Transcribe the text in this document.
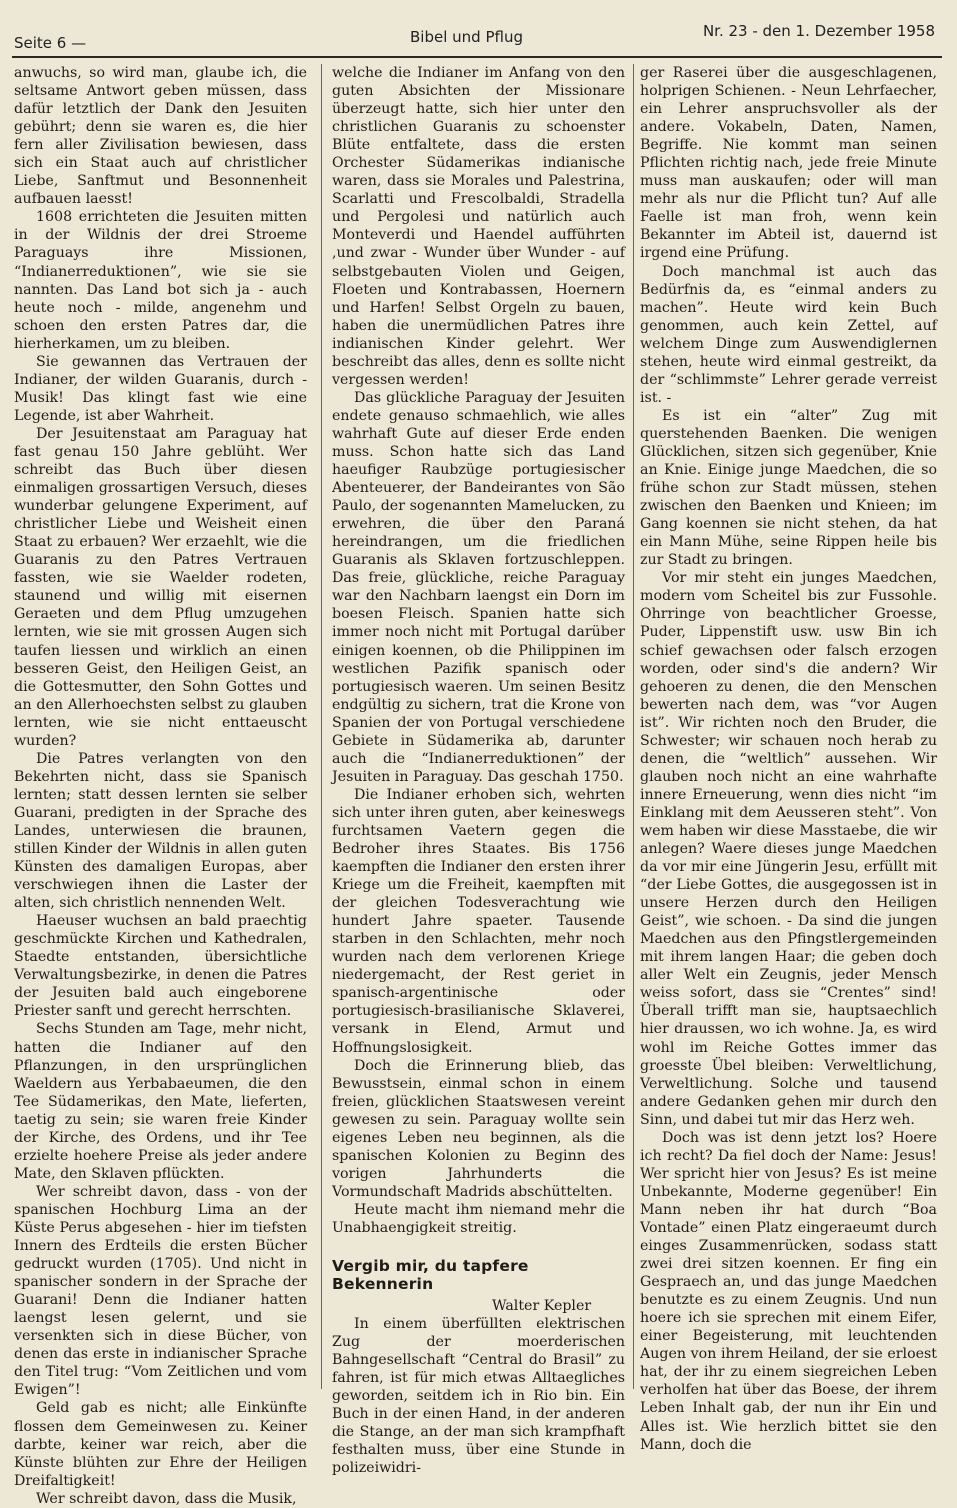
Seite 6 —	Bibel und Pflug	Nr. 23 - den 1. Dezember 1958

anwuchs, so wird man, glaube ich, die seltsame Antwort geben müssen, dass dafür letztlich der Dank den Jesuiten gebührt; denn sie waren es, die hier fern aller Zivilisation bewiesen, dass sich ein Staat auch auf christlicher Liebe, Sanftmut und Besonnenheit aufbauen laesst!

1608 errichteten die Jesuiten mitten in der Wildnis der drei Stroeme Paraguays ihre Missionen, “Indianerreduktionen”, wie sie sie nannten. Das Land bot sich ja - auch heute noch - milde, angenehm und schoen den ersten Patres dar, die hierherkamen, um zu bleiben.

Sie gewannen das Vertrauen der Indianer, der wilden Guaranis, durch - Musik! Das klingt fast wie eine Legende, ist aber Wahrheit.

Der Jesuitenstaat am Paraguay hat fast genau 150 Jahre geblüht. Wer schreibt das Buch über diesen einmaligen grossartigen Versuch, dieses wunderbar gelungene Experiment, auf christlicher Liebe und Weisheit einen Staat zu erbauen? Wer erzaehlt, wie die Guaranis zu den Patres Vertrauen fassten, wie sie Waelder rodeten, staunend und willig mit eisernen Geraeten und dem Pflug umzugehen lernten, wie sie mit grossen Augen sich taufen liessen und wirklich an einen besseren Geist, den Heiligen Geist, an die Gottesmutter, den Sohn Gottes und an den Allerhoechsten selbst zu glauben lernten, wie sie nicht enttaeuscht wurden?

Die Patres verlangten von den Bekehrten nicht, dass sie Spanisch lernten; statt dessen lernten sie selber Guarani, predigten in der Sprache des Landes, unterwiesen die braunen, stillen Kinder der Wildnis in allen guten Künsten des damaligen Europas, aber verschwiegen ihnen die Laster der alten, sich christlich nennenden Welt.

Haeuser wuchsen an bald praechtig geschmückte Kirchen und Kathedralen, Staedte entstanden, übersichtliche Verwaltungsbezirke, in denen die Patres der Jesuiten bald auch eingeborene Priester sanft und gerecht herrschten.

Sechs Stunden am Tage, mehr nicht, hatten die Indianer auf den Pflanzungen, in den ursprünglichen Waeldern aus Yerbabaeumen, die den Tee Südamerikas, den Mate, lieferten, taetig zu sein; sie waren freie Kinder der Kirche, des Ordens, und ihr Tee erzielte hoehere Preise als jeder andere Mate, den Sklaven pflückten.

Wer schreibt davon, dass - von der spanischen Hochburg Lima an der Küste Perus abgesehen - hier im tiefsten Innern des Erdteils die ersten Bücher gedruckt wurden (1705). Und nicht in spanischer sondern in der Sprache der Guarani! Denn die Indianer hatten laengst lesen gelernt, und sie versenkten sich in diese Bücher, von denen das erste in indianischer Sprache den Titel trug: “Vom Zeitlichen und vom Ewigen”!

Geld gab es nicht; alle Einkünfte flossen dem Gemeinwesen zu. Keiner darbte, keiner war reich, aber die Künste blühten zur Ehre der Heiligen Dreifaltigkeit!

Wer schreibt davon, dass die Musik,

welche die Indianer im Anfang von den guten Absichten der Missionare überzeugt hatte, sich hier unter den christlichen Guaranis zu schoenster Blüte entfaltete, dass die ersten Orchester Südamerikas indianische waren, dass sie Morales und Palestrina, Scarlatti und Frescolbaldi, Stradella und Pergolesi und natürlich auch Monteverdi und Haendel aufführten ,und zwar - Wunder über Wunder - auf selbstgebauten Violen und Geigen, Floeten und Kontrabassen, Hoernern und Harfen! Selbst Orgeln zu bauen, haben die unermüdlichen Patres ihre indianischen Kinder gelehrt. Wer beschreibt das alles, denn es sollte nicht vergessen werden!

Das glückliche Paraguay der Jesuiten endete genauso schmaehlich, wie alles wahrhaft Gute auf dieser Erde enden muss. Schon hatte sich das Land haeufiger Raubzüge portugiesischer Abenteuerer, der Bandeirantes von São Paulo, der sogenannten Mamelucken, zu erwehren, die über den Paraná hereindrangen, um die friedlichen Guaranis als Sklaven fortzuschleppen. Das freie, glückliche, reiche Paraguay war den Nachbarn laengst ein Dorn im boesen Fleisch. Spanien hatte sich immer noch nicht mit Portugal darüber einigen koennen, ob die Philippinen im westlichen Pazifik spanisch oder portugiesisch waeren. Um seinen Besitz endgültig zu sichern, trat die Krone von Spanien der von Portugal verschiedene Gebiete in Südamerika ab, darunter auch die “Indianerreduktionen” der Jesuiten in Paraguay. Das geschah 1750.

Die Indianer erhoben sich, wehrten sich unter ihren guten, aber keineswegs furchtsamen Vaetern gegen die Bedroher ihres Staates. Bis 1756 kaempften die Indianer den ersten ihrer Kriege um die Freiheit, kaempften mit der gleichen Todesverachtung wie hundert Jahre spaeter. Tausende starben in den Schlachten, mehr noch wurden nach dem verlorenen Kriege niedergemacht, der Rest geriet in spanisch-argentinische oder portugiesisch-brasilianische Sklaverei, versank in Elend, Armut und Hoffnungslosigkeit.

Doch die Erinnerung blieb, das Bewusstsein, einmal schon in einem freien, glücklichen Staatswesen vereint gewesen zu sein. Paraguay wollte sein eigenes Leben neu beginnen, als die spanischen Kolonien zu Beginn des vorigen Jahrhunderts die Vormundschaft Madrids abschüttelten.

Heute macht ihm niemand mehr die Unabhaengigkeit streitig.

Vergib mir, du tapfere Bekennerin

Walter Kepler

In einem überfüllten elektrischen Zug der moerderischen Bahngesellschaft “Central do Brasil” zu fahren, ist für mich etwas Alltaegliches geworden, seitdem ich in Rio bin. Ein Buch in der einen Hand, in der anderen die Stange, an der man sich krampfhaft festhalten muss, über eine Stunde in polizeiwidri-

ger Raserei über die ausgeschlagenen, holprigen Schienen. - Neun Lehrfaecher, ein Lehrer anspruchsvoller als der andere. Vokabeln, Daten, Namen, Begriffe. Nie kommt man seinen Pflichten richtig nach, jede freie Minute muss man auskaufen; oder will man mehr als nur die Pflicht tun? Auf alle Faelle ist man froh, wenn kein Bekannter im Abteil ist, dauernd ist irgend eine Prüfung.

Doch manchmal ist auch das Bedürfnis da, es “einmal anders zu machen”. Heute wird kein Buch genommen, auch kein Zettel, auf welchem Dinge zum Auswendiglernen stehen, heute wird einmal gestreikt, da der “schlimmste” Lehrer gerade verreist ist. -

Es ist ein “alter” Zug mit querstehenden Baenken. Die wenigen Glücklichen, sitzen sich gegenüber, Knie an Knie. Einige junge Maedchen, die so frühe schon zur Stadt müssen, stehen zwischen den Baenken und Knieen; im Gang koennen sie nicht stehen, da hat ein Mann Mühe, seine Rippen heile bis zur Stadt zu bringen.

Vor mir steht ein junges Maedchen, modern vom Scheitel bis zur Fussohle. Ohrringe von beachtlicher Groesse, Puder, Lippenstift usw. usw Bin ich schief gewachsen oder falsch erzogen worden, oder sind's die andern? Wir gehoeren zu denen, die den Menschen bewerten nach dem, was “vor Augen ist”. Wir richten noch den Bruder, die Schwester; wir schauen noch herab zu denen, die “weltlich” aussehen. Wir glauben noch nicht an eine wahrhafte innere Erneuerung, wenn dies nicht “im Einklang mit dem Aeusseren steht”. Von wem haben wir diese Masstaebe, die wir anlegen? Waere dieses junge Maedchen da vor mir eine Jüngerin Jesu, erfüllt mit “der Liebe Gottes, die ausgegossen ist in unsere Herzen durch den Heiligen Geist”, wie schoen. - Da sind die jungen Maedchen aus den Pfingstlergemeinden mit ihrem langen Haar; die geben doch aller Welt ein Zeugnis, jeder Mensch weiss sofort, dass sie “Crentes” sind! Überall trifft man sie, hauptsaechlich hier draussen, wo ich wohne. Ja, es wird wohl im Reiche Gottes immer das groesste Übel bleiben: Verweltlichung, Verweltlichung. Solche und tausend andere Gedanken gehen mir durch den Sinn, und dabei tut mir das Herz weh.

Doch was ist denn jetzt los? Hoere ich recht? Da fiel doch der Name: Jesus! Wer spricht hier von Jesus? Es ist meine Unbekannte, Moderne gegenüber! Ein Mann neben ihr hat durch “Boa Vontade” einen Platz eingeraeumt durch einges Zusammenrücken, sodass statt zwei drei sitzen koennen. Er fing ein Gespraech an, und das junge Maedchen benutzte es zu einem Zeugnis. Und nun hoere ich sie sprechen mit einem Eifer, einer Begeisterung, mit leuchtenden Augen von ihrem Heiland, der sie erloest hat, der ihr zu einem siegreichen Leben verholfen hat über das Boese, der ihrem Leben Inhalt gab, der nun ihr Ein und Alles ist. Wie herzlich bittet sie den Mann, doch die
